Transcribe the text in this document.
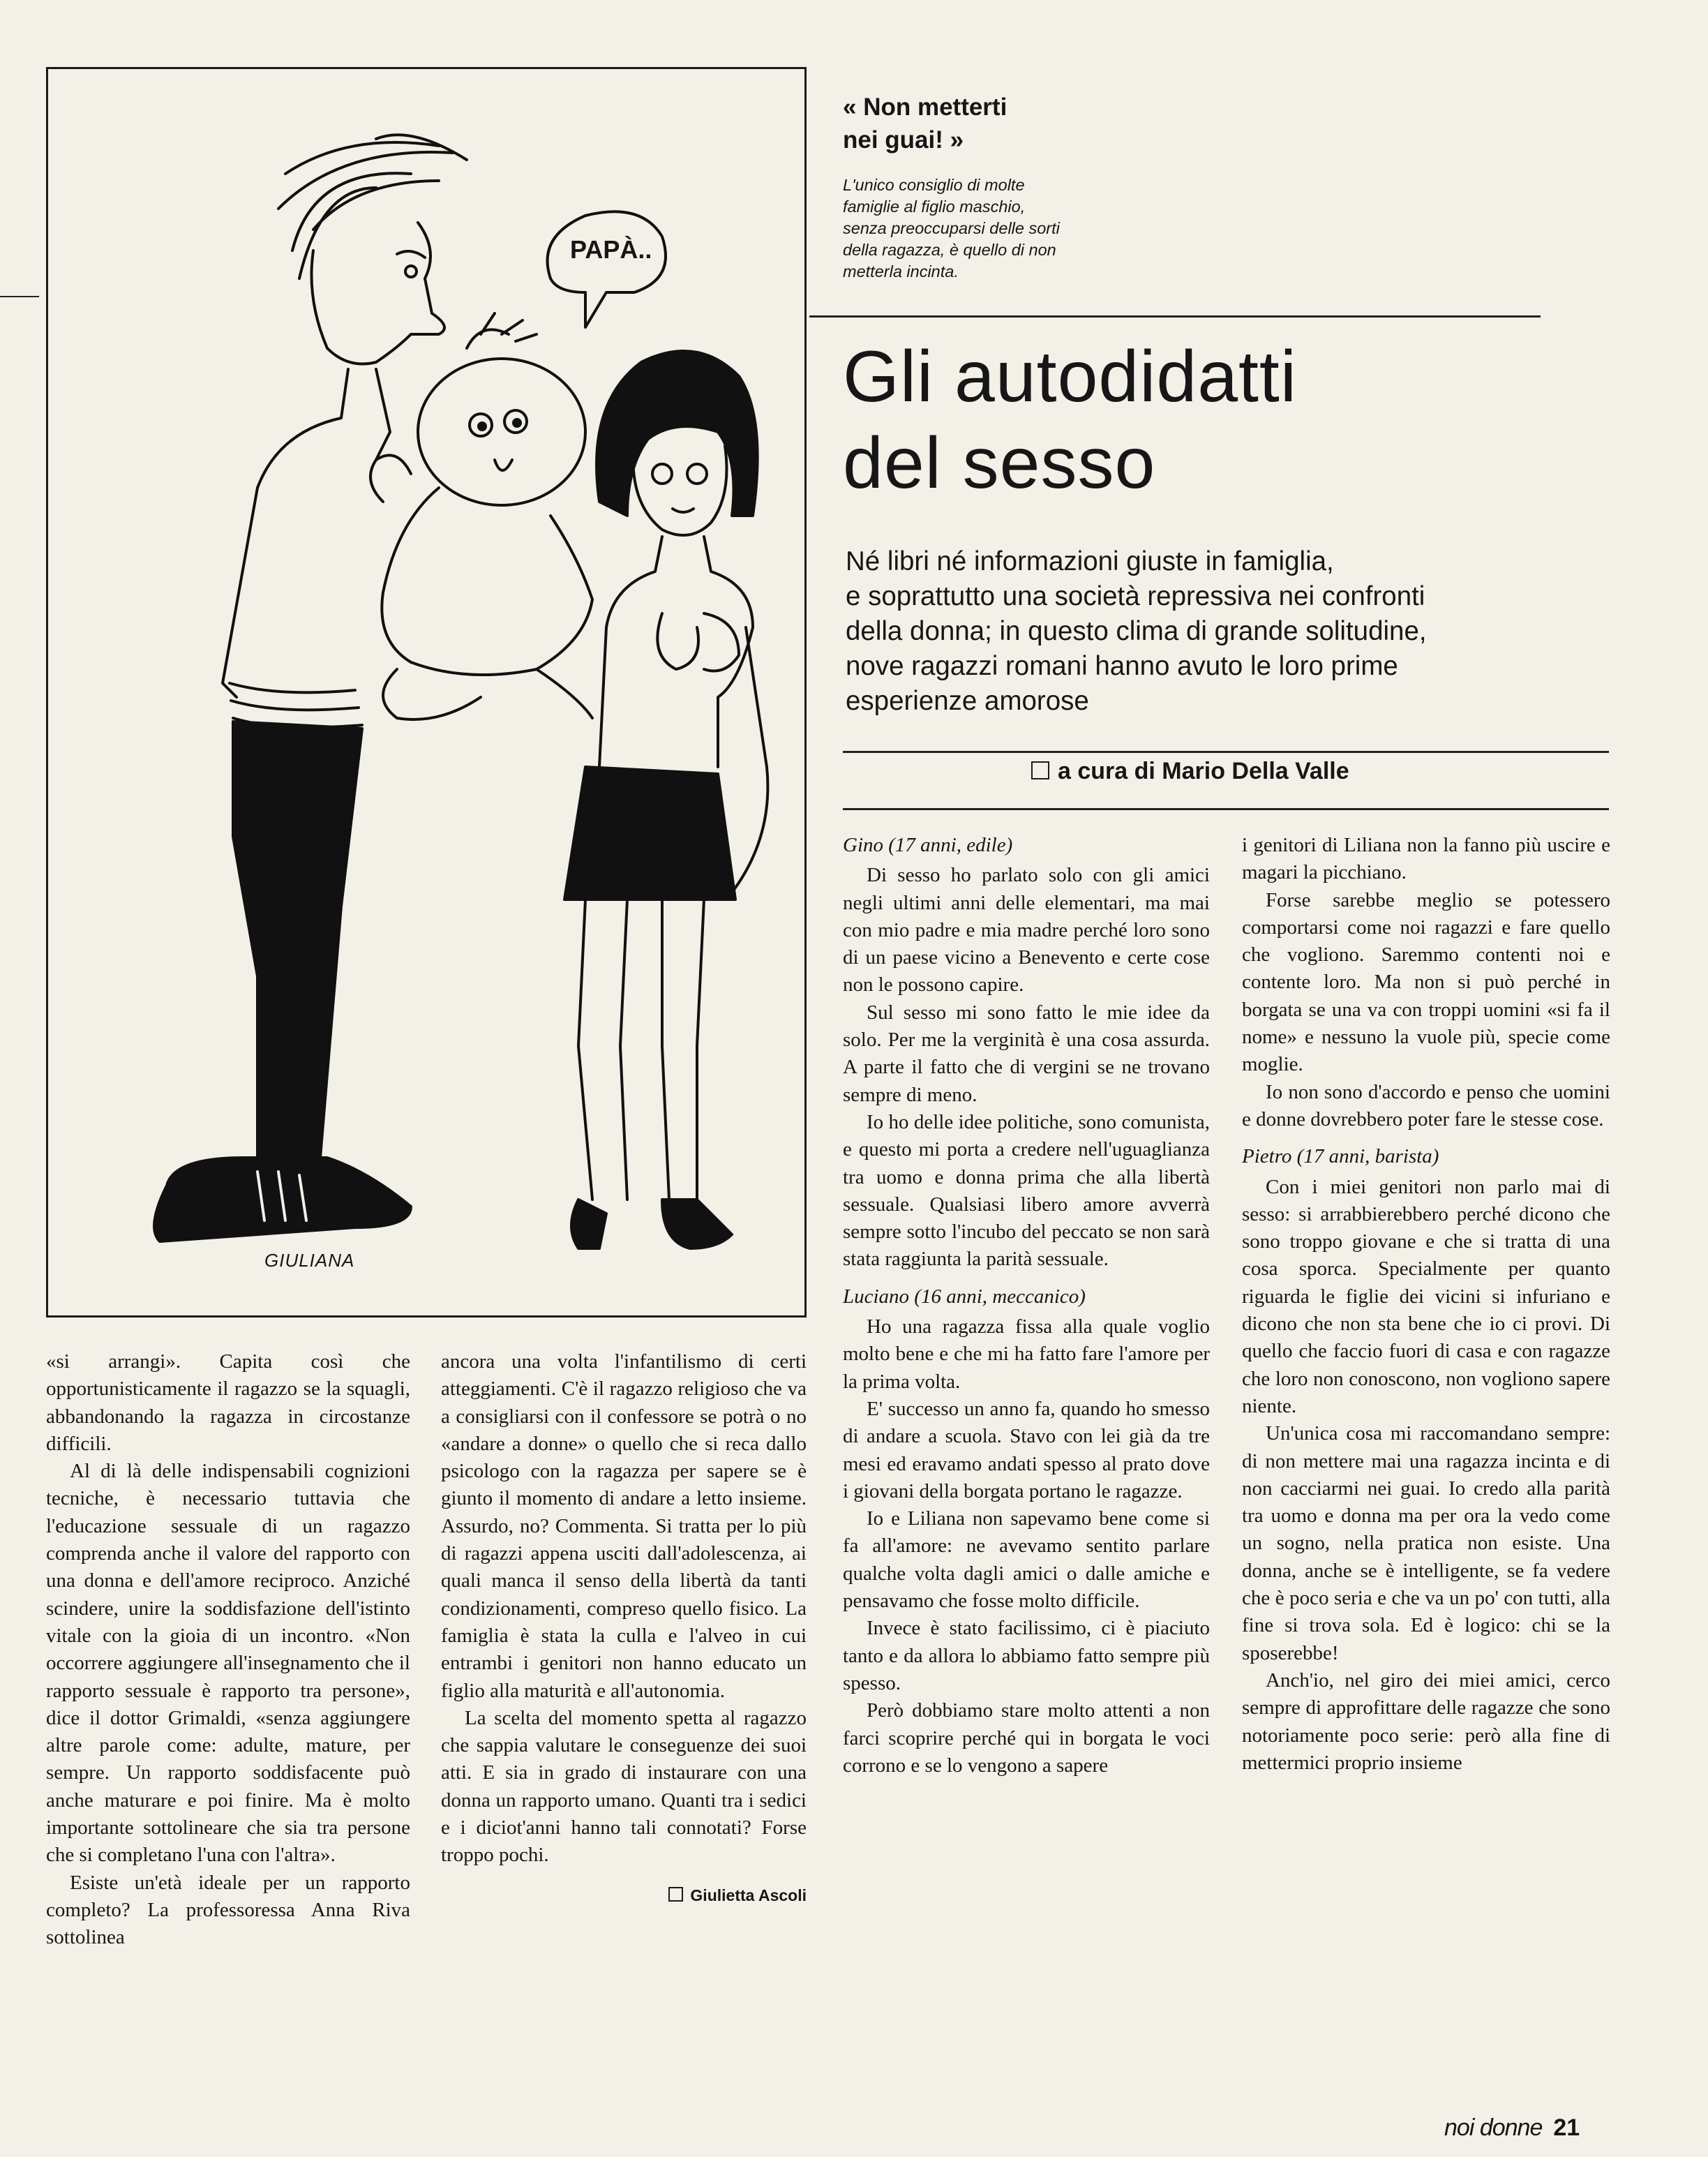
PAPÀ..
GIULIANA
« Non metterti
nei guai! »
L'unico consiglio di molte
famiglie al figlio maschio,
senza preoccuparsi delle sorti
della ragazza, è quello di non
metterla incinta.
Gli autodidatti
del sesso
Né libri né informazioni giuste in famiglia,
e soprattutto una società repressiva nei confronti
della donna; in questo clima di grande solitudine,
nove ragazzi romani hanno avuto le loro prime
esperienze amorose
a cura di Mario Della Valle

«si arrangi». Capita così che opportunisticamente il ragazzo se la squagli, abbandonando la ragazza in circostanze difficili.

Al di là delle indispensabili cognizioni tecniche, è necessario tuttavia che l'educazione sessuale di un ragazzo comprenda anche il valore del rapporto con una donna e dell'amore reciproco. Anziché scindere, unire la soddisfazione dell'istinto vitale con la gioia di un incontro. «Non occorrere aggiungere all'insegnamento che il rapporto sessuale è rapporto tra persone», dice il dottor Grimaldi, «senza aggiungere altre parole come: adulte, mature, per sempre. Un rapporto soddisfacente può anche maturare e poi finire. Ma è molto importante sottolineare che sia tra persone che si completano l'una con l'altra».

Esiste un'età ideale per un rapporto completo? La professoressa Anna Riva sottolinea

ancora una volta l'infantilismo di certi atteggiamenti. C'è il ragazzo religioso che va a consigliarsi con il confessore se potrà o no «andare a donne» o quello che si reca dallo psicologo con la ragazza per sapere se è giunto il momento di andare a letto insieme. Assurdo, no? Commenta. Si tratta per lo più di ragazzi appena usciti dall'adolescenza, ai quali manca il senso della libertà da tanti condizionamenti, compreso quello fisico. La famiglia è stata la culla e l'alveo in cui entrambi i genitori non hanno educato un figlio alla maturità e all'autonomia.

La scelta del momento spetta al ragazzo che sappia valutare le conseguenze dei suoi atti. E sia in grado di instaurare con una donna un rapporto umano. Quanti tra i sedici e i diciot'anni hanno tali connotati? Forse troppo pochi.

Giulietta Ascoli

Gino (17 anni, edile)

Di sesso ho parlato solo con gli amici negli ultimi anni delle elementari, ma mai con mio padre e mia madre perché loro sono di un paese vicino a Benevento e certe cose non le possono capire.

Sul sesso mi sono fatto le mie idee da solo. Per me la verginità è una cosa assurda. A parte il fatto che di vergini se ne trovano sempre di meno.

Io ho delle idee politiche, sono comunista, e questo mi porta a credere nell'uguaglianza tra uomo e donna prima che alla libertà sessuale. Qualsiasi libero amore avverrà sempre sotto l'incubo del peccato se non sarà stata raggiunta la parità sessuale.

Luciano (16 anni, meccanico)

Ho una ragazza fissa alla quale voglio molto bene e che mi ha fatto fare l'amore per la prima volta.

E' successo un anno fa, quando ho smesso di andare a scuola. Stavo con lei già da tre mesi ed eravamo andati spesso al prato dove i giovani della borgata portano le ragazze.

Io e Liliana non sapevamo bene come si fa all'amore: ne avevamo sentito parlare qualche volta dagli amici o dalle amiche e pensavamo che fosse molto difficile.

Invece è stato facilissimo, ci è piaciuto tanto e da allora lo abbiamo fatto sempre più spesso.

Però dobbiamo stare molto attenti a non farci scoprire perché qui in borgata le voci corrono e se lo vengono a sapere

i genitori di Liliana non la fanno più uscire e magari la picchiano.

Forse sarebbe meglio se potessero comportarsi come noi ragazzi e fare quello che vogliono. Saremmo contenti noi e contente loro. Ma non si può perché in borgata se una va con troppi uomini «si fa il nome» e nessuno la vuole più, specie come moglie.

Io non sono d'accordo e penso che uomini e donne dovrebbero poter fare le stesse cose.

Pietro (17 anni, barista)

Con i miei genitori non parlo mai di sesso: si arrabbierebbero perché dicono che sono troppo giovane e che si tratta di una cosa sporca. Specialmente per quanto riguarda le figlie dei vicini si infuriano e dicono che non sta bene che io ci provi. Di quello che faccio fuori di casa e con ragazze che loro non conoscono, non vogliono sapere niente.

Un'unica cosa mi raccomandano sempre: di non mettere mai una ragazza incinta e di non cacciarmi nei guai. Io credo alla parità tra uomo e donna ma per ora la vedo come un sogno, nella pratica non esiste. Una donna, anche se è intelligente, se fa vedere che è poco seria e che va un po' con tutti, alla fine si trova sola. Ed è logico: chi se la sposerebbe!

Anch'io, nel giro dei miei amici, cerco sempre di approfittare delle ragazze che sono notoriamente poco serie: però alla fine di mettermici proprio insieme

noi donne 21
